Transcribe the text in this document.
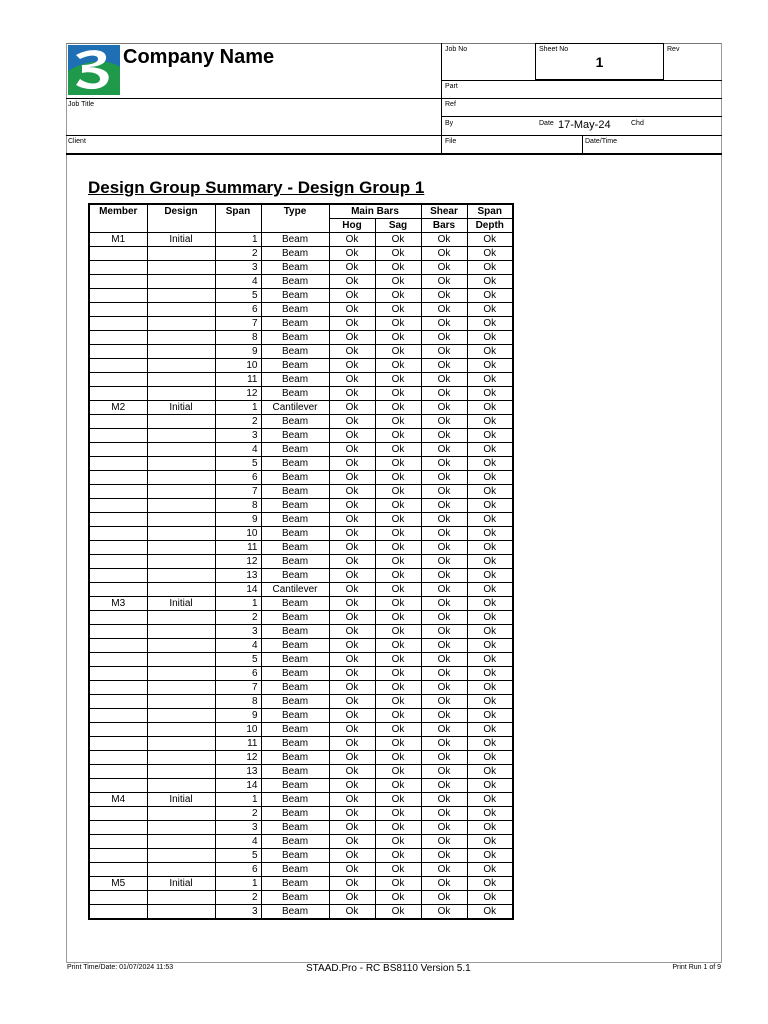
Company Name	1
Job No	Sheet No	Rev
Part
Job Title	Ref
By	Date 17-May-24	Chd
Client	File	Date/Time
Design Group Summary - Design Group 1
Member	Design	Span	Type	Main Bars		Shear	Span
				Hog	Sag	Bars	Depth
M1	Initial	1	Beam	Ok	Ok	Ok	Ok
		2	Beam	Ok	Ok	Ok	Ok
		3	Beam	Ok	Ok	Ok	Ok
		4	Beam	Ok	Ok	Ok	Ok
		5	Beam	Ok	Ok	Ok	Ok
		6	Beam	Ok	Ok	Ok	Ok
		7	Beam	Ok	Ok	Ok	Ok
		8	Beam	Ok	Ok	Ok	Ok
		9	Beam	Ok	Ok	Ok	Ok
		10	Beam	Ok	Ok	Ok	Ok
		11	Beam	Ok	Ok	Ok	Ok
		12	Beam	Ok	Ok	Ok	Ok
M2	Initial	1	Cantilever	Ok	Ok	Ok	Ok
		2	Beam	Ok	Ok	Ok	Ok
		3	Beam	Ok	Ok	Ok	Ok
		4	Beam	Ok	Ok	Ok	Ok
		5	Beam	Ok	Ok	Ok	Ok
		6	Beam	Ok	Ok	Ok	Ok
		7	Beam	Ok	Ok	Ok	Ok
		8	Beam	Ok	Ok	Ok	Ok
		9	Beam	Ok	Ok	Ok	Ok
		10	Beam	Ok	Ok	Ok	Ok
		11	Beam	Ok	Ok	Ok	Ok
		12	Beam	Ok	Ok	Ok	Ok
		13	Beam	Ok	Ok	Ok	Ok
		14	Cantilever	Ok	Ok	Ok	Ok
M3	Initial	1	Beam	Ok	Ok	Ok	Ok
		2	Beam	Ok	Ok	Ok	Ok
		3	Beam	Ok	Ok	Ok	Ok
		4	Beam	Ok	Ok	Ok	Ok
		5	Beam	Ok	Ok	Ok	Ok
		6	Beam	Ok	Ok	Ok	Ok
		7	Beam	Ok	Ok	Ok	Ok
		8	Beam	Ok	Ok	Ok	Ok
		9	Beam	Ok	Ok	Ok	Ok
		10	Beam	Ok	Ok	Ok	Ok
		11	Beam	Ok	Ok	Ok	Ok
		12	Beam	Ok	Ok	Ok	Ok
		13	Beam	Ok	Ok	Ok	Ok
		14	Beam	Ok	Ok	Ok	Ok
M4	Initial	1	Beam	Ok	Ok	Ok	Ok
		2	Beam	Ok	Ok	Ok	Ok
		3	Beam	Ok	Ok	Ok	Ok
		4	Beam	Ok	Ok	Ok	Ok
		5	Beam	Ok	Ok	Ok	Ok
		6	Beam	Ok	Ok	Ok	Ok
M5	Initial	1	Beam	Ok	Ok	Ok	Ok
		2	Beam	Ok	Ok	Ok	Ok
		3	Beam	Ok	Ok	Ok	Ok
Print Time/Date: 01/07/2024 11:53	STAAD.Pro - RC BS8110 Version 5.1	Print Run 1 of 9
